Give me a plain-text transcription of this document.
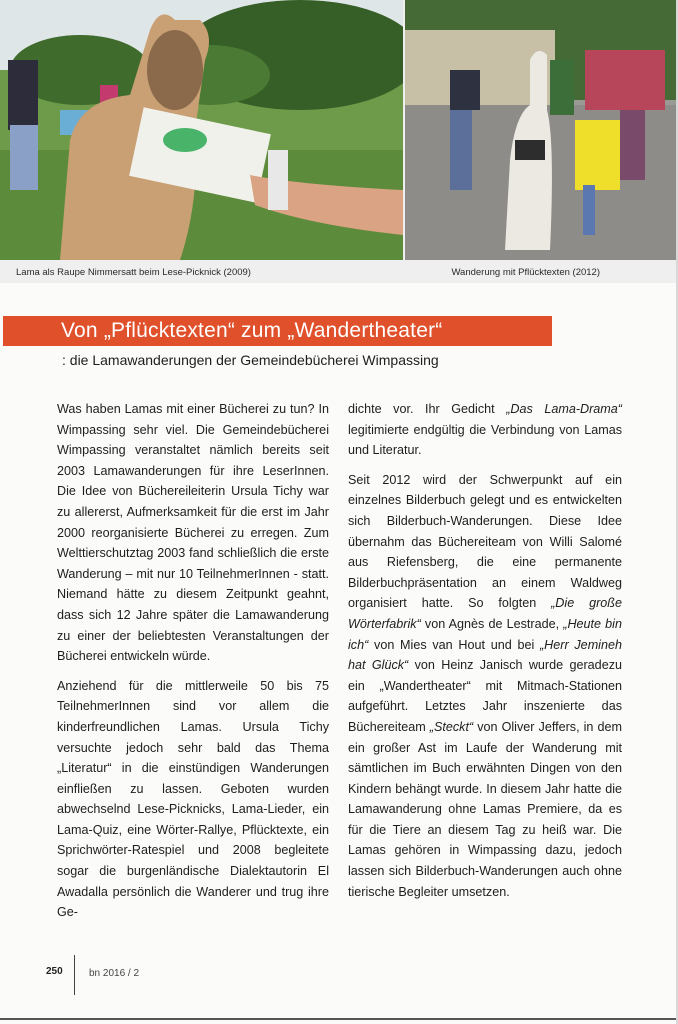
Lama als Raupe Nimmersatt beim Lese-Picknick (2009)	Wanderung mit Pflücktexten (2012)
Von „Pflücktexten“ zum „Wandertheater“
: die Lamawanderungen der Gemeindebücherei Wimpassing

Was haben Lamas mit einer Bücherei zu tun? In Wimpassing sehr viel. Die Gemeindebücherei Wimpassing veranstaltet nämlich bereits seit 2003 Lamawanderungen für ihre LeserInnen. Die Idee von Büchereileiterin Ursula Tichy war zu allererst, Aufmerksamkeit für die erst im Jahr 2000 reorganisierte Bücherei zu erregen. Zum Welttierschutztag 2003 fand schließlich die erste Wanderung – mit nur 10 TeilnehmerInnen - statt. Niemand hätte zu diesem Zeitpunkt geahnt, dass sich 12 Jahre später die Lamawanderung zu einer der beliebtesten Veranstaltungen der Bücherei entwickeln würde.

Anziehend für die mittlerweile 50 bis 75 TeilnehmerInnen sind vor allem die kinderfreundlichen Lamas. Ursula Tichy versuchte jedoch sehr bald das Thema „Literatur“ in die einstündigen Wanderungen einfließen zu lassen. Geboten wurden abwechselnd Lese-Picknicks, Lama-Lieder, ein Lama-Quiz, eine Wörter-Rallye, Pflücktexte, ein Sprichwörter-Ratespiel und 2008 begleitete sogar die burgenländische Dialektautorin El Awadalla persönlich die Wanderer und trug ihre Ge-

dichte vor. Ihr Gedicht „Das Lama-Drama“ legitimierte endgültig die Verbindung von Lamas und Literatur.

Seit 2012 wird der Schwerpunkt auf ein einzelnes Bilderbuch gelegt und es entwickelten sich Bilderbuch-Wanderungen. Diese Idee übernahm das Büchereiteam von Willi Salomé aus Riefensberg, die eine permanente Bilderbuchpräsentation an einem Waldweg organisiert hatte. So folgten „Die große Wörterfabrik“ von Agnès de Lestrade, „Heute bin ich“ von Mies van Hout und bei „Herr Jemineh hat Glück“ von Heinz Janisch wurde geradezu ein „Wandertheater“ mit Mitmach-Stationen aufgeführt. Letztes Jahr inszenierte das Büchereiteam „Steckt“ von Oliver Jeffers, in dem ein großer Ast im Laufe der Wanderung mit sämtlichen im Buch erwähnten Dingen von den Kindern behängt wurde. In diesem Jahr hatte die Lamawanderung ohne Lamas Premiere, da es für die Tiere an diesem Tag zu heiß war. Die Lamas gehören in Wimpassing dazu, jedoch lassen sich Bilderbuch-Wanderungen auch ohne tierische Begleiter umsetzen.

250	bn 2016 / 2
